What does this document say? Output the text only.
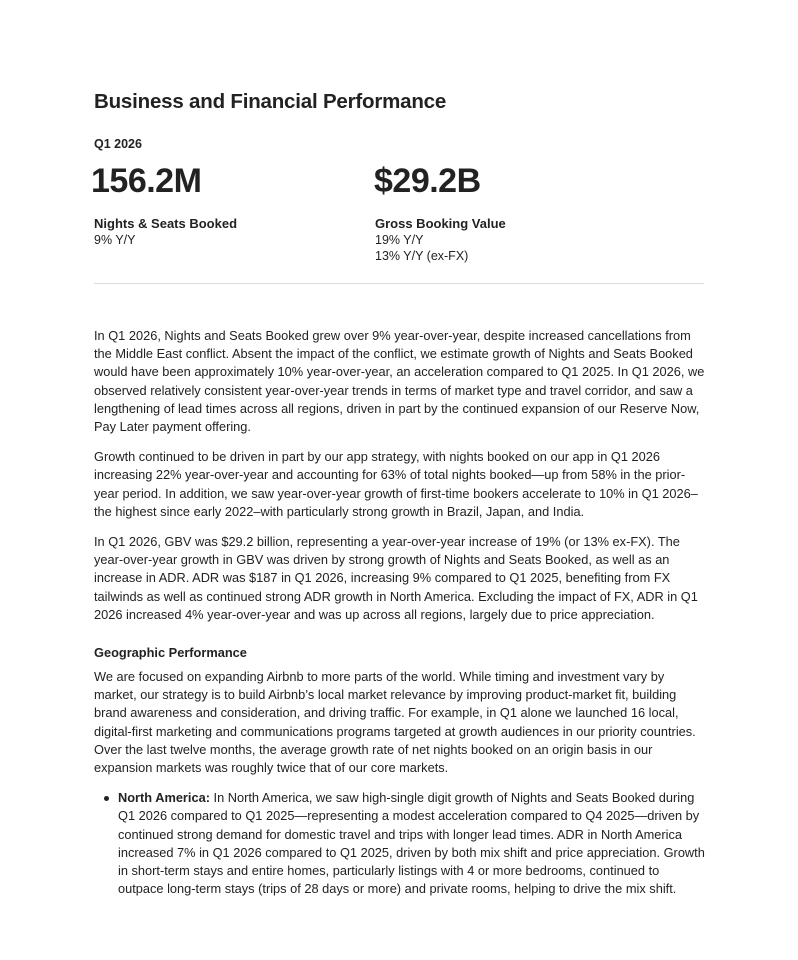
Business and Financial Performance
Q1 2026
156.2M
Nights & Seats Booked
9% Y/Y
$29.2B
Gross Booking Value
19% Y/Y
13% Y/Y (ex-FX)

In Q1 2026, Nights and Seats Booked grew over 9% year-over-year, despite increased cancellations from the Middle East conflict. Absent the impact of the conflict, we estimate growth of Nights and Seats Booked would have been approximately 10% year-over-year, an acceleration compared to Q1 2025. In Q1 2026, we observed relatively consistent year-over-year trends in terms of market type and travel corridor, and saw a lengthening of lead times across all regions, driven in part by the continued expansion of our Reserve Now, Pay Later payment offering.

Growth continued to be driven in part by our app strategy, with nights booked on our app in Q1 2026 increasing 22% year-over-year and accounting for 63% of total nights booked—up from 58% in the prior-year period. In addition, we saw year-over-year growth of first-time bookers accelerate to 10% in Q1 2026–the highest since early 2022–with particularly strong growth in Brazil, Japan, and India.

In Q1 2026, GBV was $29.2 billion, representing a year-over-year increase of 19% (or 13% ex-FX). The year-over-year growth in GBV was driven by strong growth of Nights and Seats Booked, as well as an increase in ADR. ADR was $187 in Q1 2026, increasing 9% compared to Q1 2025, benefiting from FX tailwinds as well as continued strong ADR growth in North America. Excluding the impact of FX, ADR in Q1 2026 increased 4% year-over-year and was up across all regions, largely due to price appreciation.

Geographic Performance

We are focused on expanding Airbnb to more parts of the world. While timing and investment vary by market, our strategy is to build Airbnb’s local market relevance by improving product-market fit, building brand awareness and consideration, and driving traffic. For example, in Q1 alone we launched 16 local, digital-first marketing and communications programs targeted at growth audiences in our priority countries. Over the last twelve months, the average growth rate of net nights booked on an origin basis in our expansion markets was roughly twice that of our core markets.

North America: In North America, we saw high-single digit growth of Nights and Seats Booked during Q1 2026 compared to Q1 2025—representing a modest acceleration compared to Q4 2025—driven by continued strong demand for domestic travel and trips with longer lead times. ADR in North America increased 7% in Q1 2026 compared to Q1 2025, driven by both mix shift and price appreciation. Growth in short-term stays and entire homes, particularly listings with 4 or more bedrooms, continued to outpace long-term stays (trips of 28 days or more) and private rooms, helping to drive the mix shift.
